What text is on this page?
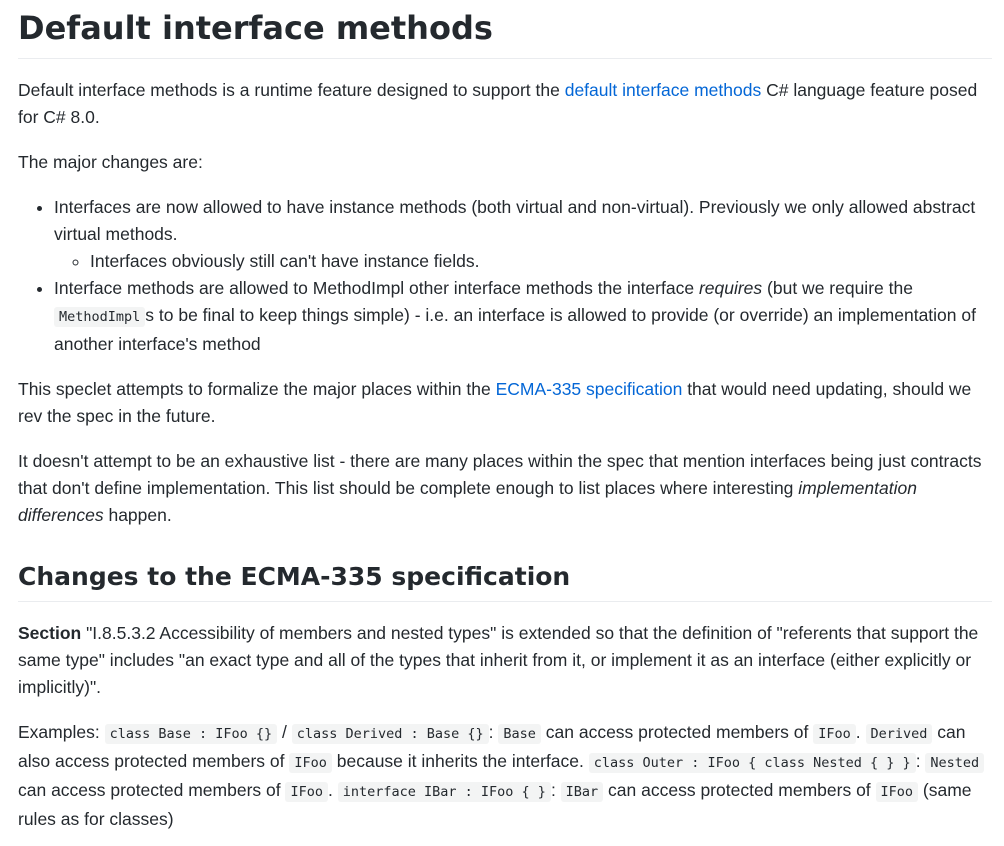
Default interface methods

Default interface methods is a runtime feature designed to support the default interface methods C# language feature posed for C# 8.0.

The major changes are:

• Interfaces are now allowed to have instance methods (both virtual and non-virtual). Previously we only allowed abstract virtual methods.
◦ Interfaces obviously still can't have instance fields.
• Interface methods are allowed to MethodImpl other interface methods the interface requires (but we require the MethodImpl s to be final to keep things simple) - i.e. an interface is allowed to provide (or override) an implementation of another interface's method

This speclet attempts to formalize the major places within the ECMA-335 specification that would need updating, should we rev the spec in the future.

It doesn't attempt to be an exhaustive list - there are many places within the spec that mention interfaces being just contracts that don't define implementation. This list should be complete enough to list places where interesting implementation differences happen.

Changes to the ECMA-335 specification

Section "I.8.5.3.2 Accessibility of members and nested types" is extended so that the definition of "referents that support the same type" includes "an exact type and all of the types that inherit from it, or implement it as an interface (either explicitly or implicitly)".

Examples: class Base : IFoo {} / class Derived : Base {} : Base can access protected members of IFoo . Derived can also access protected members of IFoo because it inherits the interface. class Outer : IFoo { class Nested { } } : Nested can access protected members of IFoo . interface IBar : IFoo { } : IBar can access protected members of IFoo (same rules as for classes)
